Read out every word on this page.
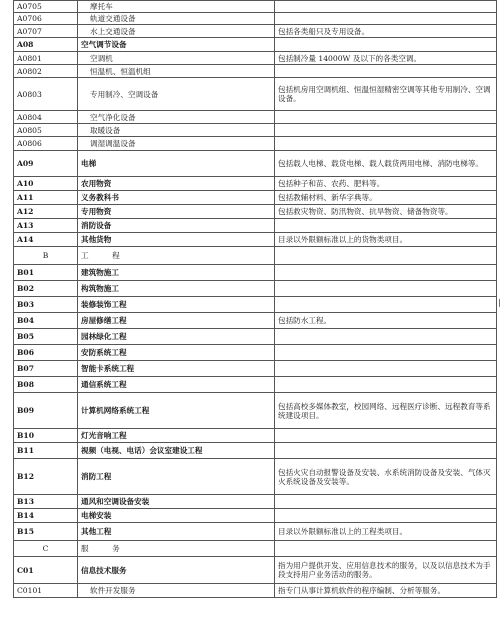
A0705	摩托车	
A0706	轨道交通设备	
A0707	水上交通设备	包括各类船只及专用设备。
A08	空气调节设备	
A0801	空调机	包括制冷量 14000W 及以下的各类空调。
A0802	恒温机、恒温机组	
A0803	专用制冷、空调设备	包括机房用空调机组、恒温恒湿精密空调等其他专用制冷、空调设备。
A0804	空气净化设备	
A0805	取暖设备	
A0806	调湿调温设备	
A09	电梯	包括载人电梯、载货电梯、载人载货两用电梯、消防电梯等。
A10	农用物资	包括种子和苗、农药、肥料等。
A11	义务教科书	包括教辅材料、新华字典等。
A12	专用物资	包括救灾物资、防汛物资、抗旱物资、储备物资等。
A13	消防设备	
A14	其他货物	目录以外限额标准以上的货物类项目。
B	工　程	
B01	建筑物施工	
B02	构筑物施工	
B03	装修装饰工程	
B04	房屋修缮工程	包括防水工程。
B05	园林绿化工程	
B06	安防系统工程	
B07	智能卡系统工程	
B08	通信系统工程	
B09	计算机网络系统工程	包括高校多媒体教室，校园网络、远程医疗诊断、远程教育等系统建设项目。
B10	灯光音响工程	
B11	视频（电视、电话）会议室建设工程	
B12	消防工程	包括火灾自动报警设备及安装、水系统消防设备及安装、气体灭火系统设备及安装等。
B13	通风和空调设备安装	
B14	电梯安装	
B15	其他工程	目录以外限额标准以上的工程类项目。
C	服　务	
C01	信息技术服务	指为用户提供开发、应用信息技术的服务，以及以信息技术为手段支持用户业务活动的服务。
C0101	软件开发服务	指专门从事计算机软件的程序编制、分析等服务。
